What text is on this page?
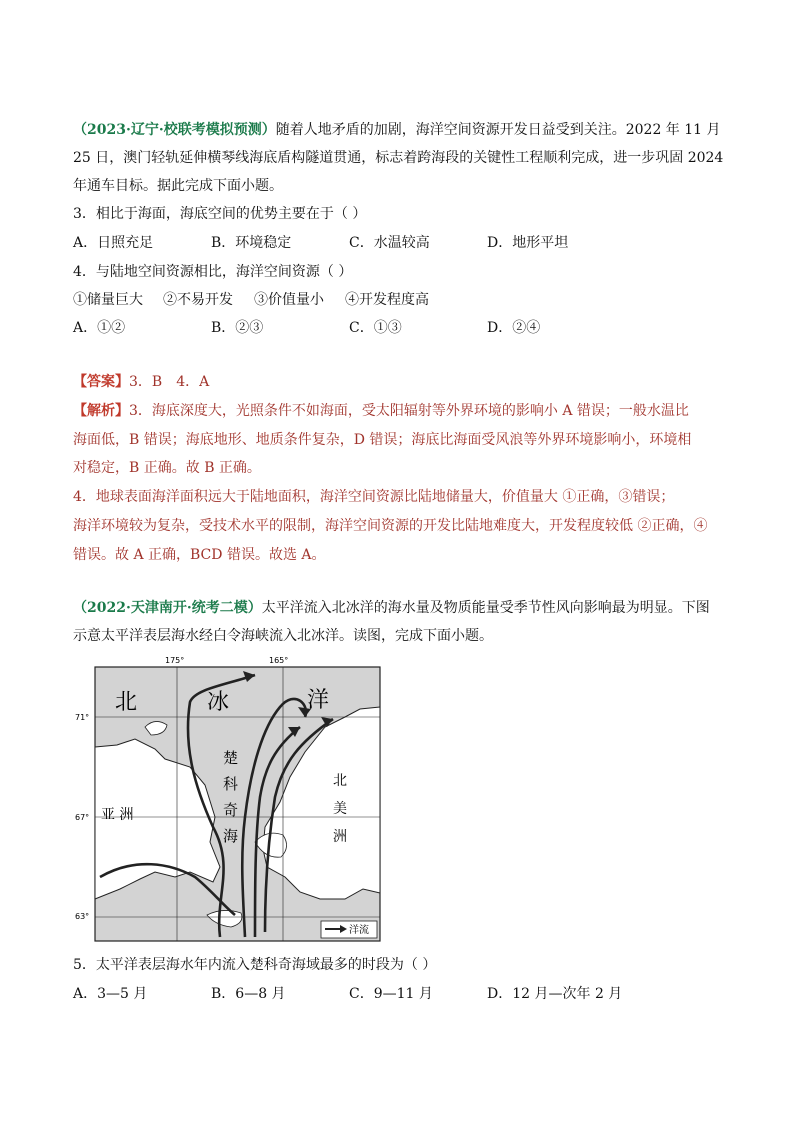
（2023·辽宁·校联考模拟预测）随着人地矛盾的加剧，海洋空间资源开发日益受到关注。2022 年 11 月
25 日，澳门轻轨延伸横琴线海底盾构隧道贯通，标志着跨海段的关键性工程顺利完成，进一步巩固 2024
年通车目标。据此完成下面小题。
3．相比于海面，海底空间的优势主要在于（ ）
A．日照充足	B．环境稳定	C．水温较高	D．地形平坦
4．与陆地空间资源相比，海洋空间资源（ ）
①储量巨大 ②不易开发 ③价值量小 ④开发程度高
A．①②	B．②③	C．①③	D．②④
【答案】3．B　4．A
【解析】3．海底深度大，光照条件不如海面，受太阳辐射等外界环境的影响小 A 错误；一般水温比
海面低，B 错误；海底地形、地质条件复杂，D 错误；海底比海面受风浪等外界环境影响小，环境相
对稳定，B 正确。故 B 正确。
4．地球表面海洋面积远大于陆地面积，海洋空间资源比陆地储量大，价值量大 ①正确，③错误；
海洋环境较为复杂，受技术水平的限制，海洋空间资源的开发比陆地难度大，开发程度较低 ②正确，④
错误。故 A 正确，BCD 错误。故选 A。
（2022·天津南开·统考二模）太平洋流入北冰洋的海水量及物质能量受季节性风向影响最为明显。下图
示意太平洋表层海水经白令海峡流入北冰洋。读图，完成下面小题。
175°	165°
71°
67°
63°
北	冰	洋
楚
科
奇
海
亚 洲
北
美
洲
洋流
5．太平洋表层海水年内流入楚科奇海域最多的时段为（ ）
A．3—5 月	B．6—8 月	C．9—11 月	D．12 月—次年 2 月
